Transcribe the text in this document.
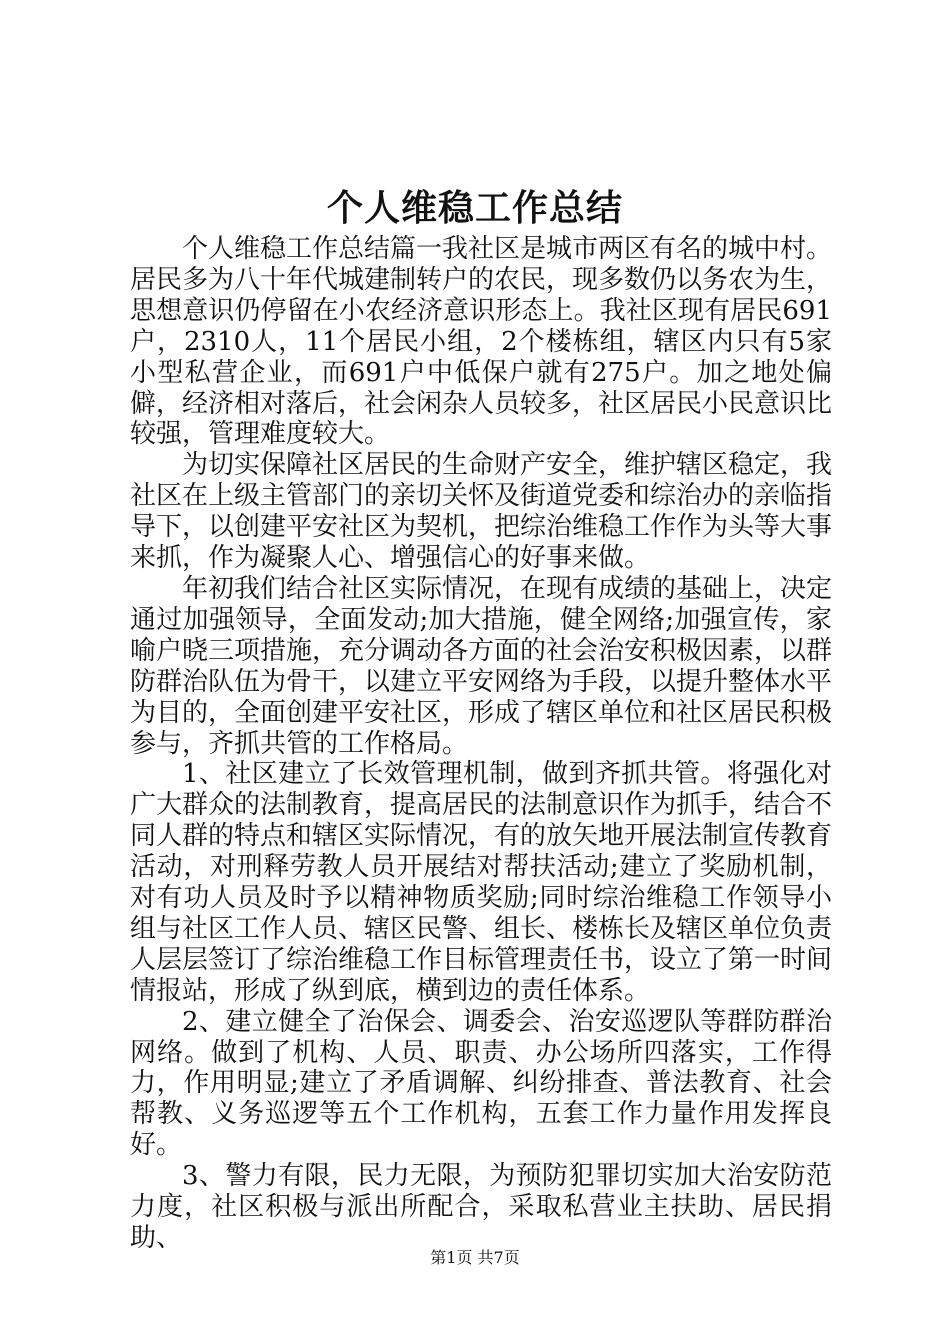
个人维稳工作总结

个人维稳工作总结篇一我社区是城市两区有名的城中村。居民多为八十年代城建制转户的农民，现多数仍以务农为生，思想意识仍停留在小农经济意识形态上。我社区现有居民691户，2310人，11个居民小组，2个楼栋组，辖区内只有5家小型私营企业，而691户中低保户就有275户。加之地处偏僻，经济相对落后，社会闲杂人员较多，社区居民小民意识比较强，管理难度较大。

为切实保障社区居民的生命财产安全，维护辖区稳定，我社区在上级主管部门的亲切关怀及街道党委和综治办的亲临指导下，以创建平安社区为契机，把综治维稳工作作为头等大事来抓，作为凝聚人心、增强信心的好事来做。

年初我们结合社区实际情况，在现有成绩的基础上，决定通过加强领导，全面发动;加大措施，健全网络;加强宣传，家喻户晓三项措施，充分调动各方面的社会治安积极因素，以群防群治队伍为骨干，以建立平安网络为手段，以提升整体水平为目的，全面创建平安社区，形成了辖区单位和社区居民积极参与，齐抓共管的工作格局。

1、社区建立了长效管理机制，做到齐抓共管。将强化对广大群众的法制教育，提高居民的法制意识作为抓手，结合不同人群的特点和辖区实际情况，有的放矢地开展法制宣传教育活动，对刑释劳教人员开展结对帮扶活动;建立了奖励机制，对有功人员及时予以精神物质奖励;同时综治维稳工作领导小组与社区工作人员、辖区民警、组长、楼栋长及辖区单位负责人层层签订了综治维稳工作目标管理责任书，设立了第一时间情报站，形成了纵到底，横到边的责任体系。

2、建立健全了治保会、调委会、治安巡逻队等群防群治网络。做到了机构、人员、职责、办公场所四落实，工作得力，作用明显;建立了矛盾调解、纠纷排查、普法教育、社会帮教、义务巡逻等五个工作机构，五套工作力量作用发挥良好。

3、警力有限，民力无限，为预防犯罪切实加大治安防范力度，社区积极与派出所配合，采取私营业主扶助、居民捐助、

第1页 共7页
